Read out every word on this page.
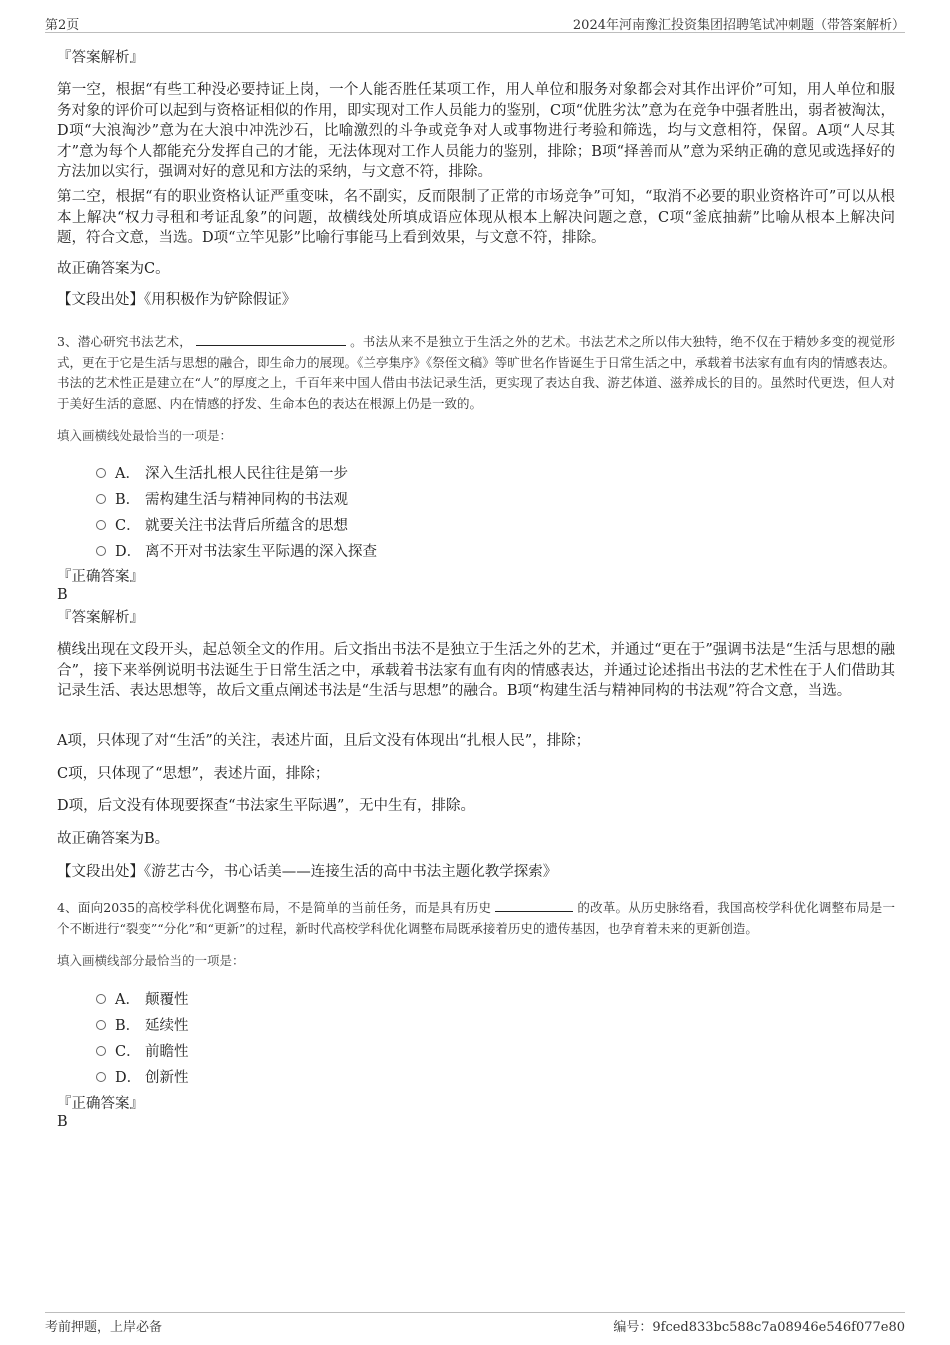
第2页	2024年河南豫汇投资集团招聘笔试冲刺题（带答案解析）
『答案解析』

第一空，根据“有些工种没必要持证上岗，一个人能否胜任某项工作，用人单位和服务对象都会对其作出评价”可知，用人单位和服务对象的评价可以起到与资格证相似的作用，即实现对工作人员能力的鉴别，C项“优胜劣汰”意为在竞争中强者胜出，弱者被淘汰，D项“大浪淘沙”意为在大浪中冲洗沙石，比喻激烈的斗争或竞争对人或事物进行考验和筛选，均与文意相符，保留。A项“人尽其才”意为每个人都能充分发挥自己的才能，无法体现对工作人员能力的鉴别，排除；B项“择善而从”意为采纳正确的意见或选择好的方法加以实行，强调对好的意见和方法的采纳，与文意不符，排除。

第二空，根据“有的职业资格认证严重变味，名不副实，反而限制了正常的市场竞争”可知，“取消不必要的职业资格许可”可以从根本上解决“权力寻租和考证乱象”的问题，故横线处所填成语应体现从根本上解决问题之意，C项“釜底抽薪”比喻从根本上解决问题，符合文意，当选。D项“立竿见影”比喻行事能马上看到效果，与文意不符，排除。

故正确答案为C。
【文段出处】《用积极作为铲除假证》

3、潜心研究书法艺术，	。书法从来不是独立于生活之外的艺术。书法艺术之所以伟大独特，绝不仅在于精妙多变的视觉形式，更在于它是生活与思想的融合，即生命力的展现。《兰亭集序》《祭侄文稿》等旷世名作皆诞生于日常生活之中，承载着书法家有血有肉的情感表达。书法的艺术性正是建立在“人”的厚度之上，千百年来中国人借由书法记录生活，更实现了表达自我、游艺体道、滋养成长的目的。虽然时代更迭，但人对于美好生活的意愿、内在情感的抒发、生命本色的表达在根源上仍是一致的。

填入画横线处最恰当的一项是：
A． 深入生活扎根人民往往是第一步
B． 需构建生活与精神同构的书法观
C． 就要关注书法背后所蕴含的思想
D． 离不开对书法家生平际遇的深入探查
『正确答案』
B
『答案解析』

横线出现在文段开头，起总领全文的作用。后文指出书法不是独立于生活之外的艺术，并通过“更在于”强调书法是“生活与思想的融合”，接下来举例说明书法诞生于日常生活之中，承载着书法家有血有肉的情感表达，并通过论述指出书法的艺术性在于人们借助其记录生活、表达思想等，故后文重点阐述书法是“生活与思想”的融合。B项“构建生活与精神同构的书法观”符合文意，当选。

A项，只体现了对“生活”的关注，表述片面，且后文没有体现出“扎根人民”，排除；

C项，只体现了“思想”，表述片面，排除；

D项，后文没有体现要探查“书法家生平际遇”，无中生有，排除。

故正确答案为B。
【文段出处】《游艺古今，书心话美——连接生活的高中书法主题化教学探索》

4、面向2035的高校学科优化调整布局，不是简单的当前任务，而是具有历史	的改革。从历史脉络看，我国高校学科优化调整布局是一个不断进行“裂变”“分化”和“更新”的过程，新时代高校学科优化调整布局既承接着历史的遗传基因，也孕育着未来的更新创造。

填入画横线部分最恰当的一项是：
A． 颠覆性
B． 延续性
C． 前瞻性
D． 创新性
『正确答案』
B
考前押题，上岸必备	编号：9fced833bc588c7a08946e546f077e80
